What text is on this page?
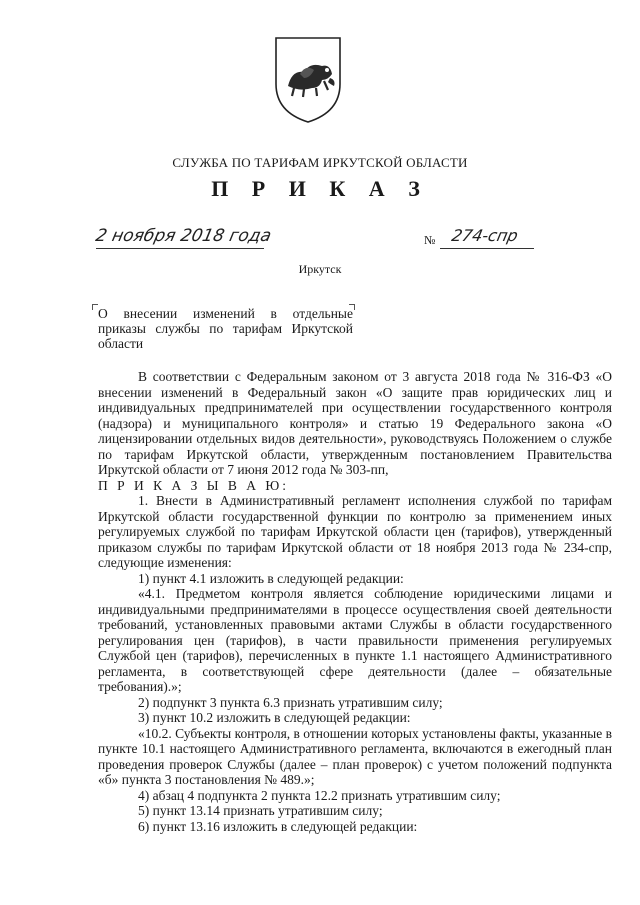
СЛУЖБА ПО ТАРИФАМ ИРКУТСКОЙ ОБЛАСТИ
П Р И К А З
2 ноября 2018 года	№ 274-спр
Иркутск
О внесении изменений в отдельные приказы службы по тарифам Иркутской области

В соответствии с Федеральным законом от 3 августа 2018 года № 316-ФЗ «О внесении изменений в Федеральный закон «О защите прав юридических лиц и индивидуальных предпринимателей при осуществлении государственного контроля (надзора) и муниципального контроля» и статью 19 Федерального закона «О лицензировании отдельных видов деятельности», руководствуясь Положением о службе по тарифам Иркутской области, утвержденным постановлением Правительства Иркутской области от 7 июня 2012 года № 303-пп,

П Р И К А З Ы В А Ю:

1. Внести в Административный регламент исполнения службой по тарифам Иркутской области государственной функции по контролю за применением иных регулируемых службой по тарифам Иркутской области цен (тарифов), утвержденный приказом службы по тарифам Иркутской области от 18 ноября 2013 года № 234-спр, следующие изменения:

1) пункт 4.1 изложить в следующей редакции:

«4.1. Предметом контроля является соблюдение юридическими лицами и индивидуальными предпринимателями в процессе осуществления своей деятельности требований, установленных правовыми актами Службы в области государственного регулирования цен (тарифов), в части правильности применения регулируемых Службой цен (тарифов), перечисленных в пункте 1.1 настоящего Административного регламента, в соответствующей сфере деятельности (далее – обязательные требования).»;

2) подпункт 3 пункта 6.3 признать утратившим силу;

3) пункт 10.2 изложить в следующей редакции:

«10.2. Субъекты контроля, в отношении которых установлены факты, указанные в пункте 10.1 настоящего Административного регламента, включаются в ежегодный план проведения проверок Службы (далее – план проверок) с учетом положений подпункта «б» пункта 3 постановления № 489.»;

4) абзац 4 подпункта 2 пункта 12.2 признать утратившим силу;

5) пункт 13.14 признать утратившим силу;

6) пункт 13.16 изложить в следующей редакции:
